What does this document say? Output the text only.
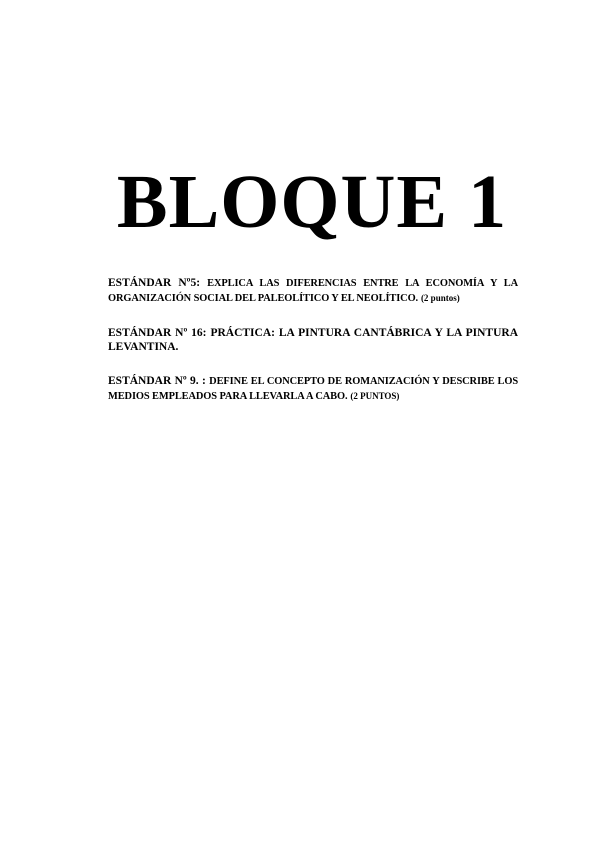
BLOQUE 1

ESTÁNDAR Nº5: EXPLICA LAS DIFERENCIAS ENTRE LA ECONOMÍA Y LA ORGANIZACIÓN SOCIAL DEL PALEOLÍTICO Y EL NEOLÍTICO. (2 puntos)

ESTÁNDAR Nº 16: PRÁCTICA: LA PINTURA CANTÁBRICA Y LA PINTURA LEVANTINA.

ESTÁNDAR Nº 9. : DEFINE EL CONCEPTO DE ROMANIZACIÓN Y DESCRIBE LOS MEDIOS EMPLEADOS PARA LLEVARLA A CABO. (2 PUNTOS)
